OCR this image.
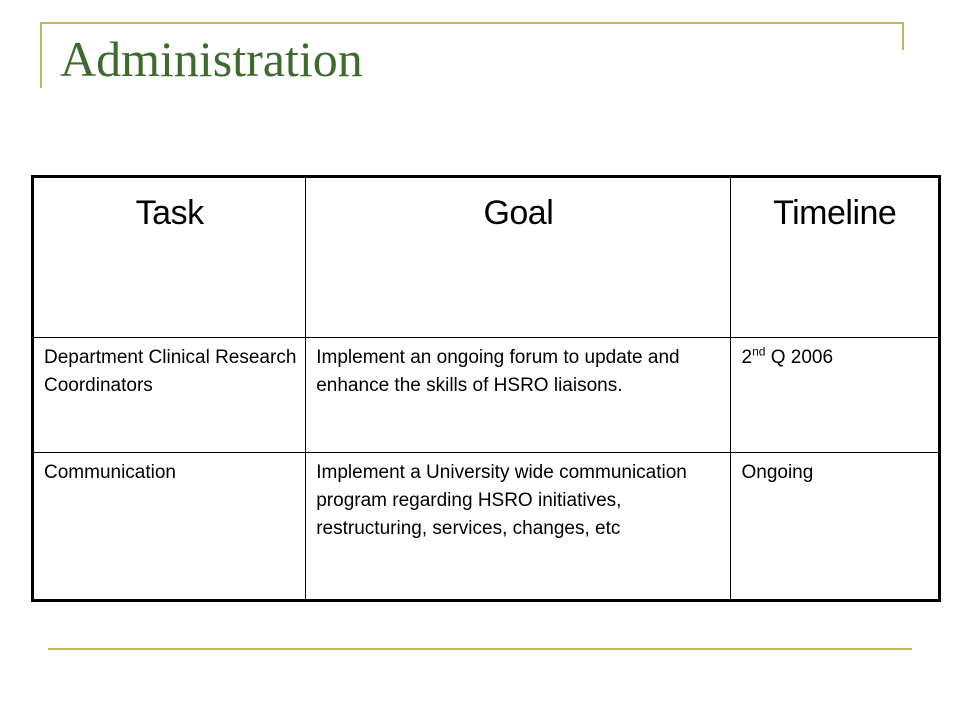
Administration
Task	Goal	Timeline
Department Clinical Research Coordinators	Implement an ongoing forum to update and enhance the skills of HSRO liaisons.	2nd Q 2006
Communication	Implement a University wide communication program regarding HSRO initiatives, restructuring, services, changes, etc	Ongoing
